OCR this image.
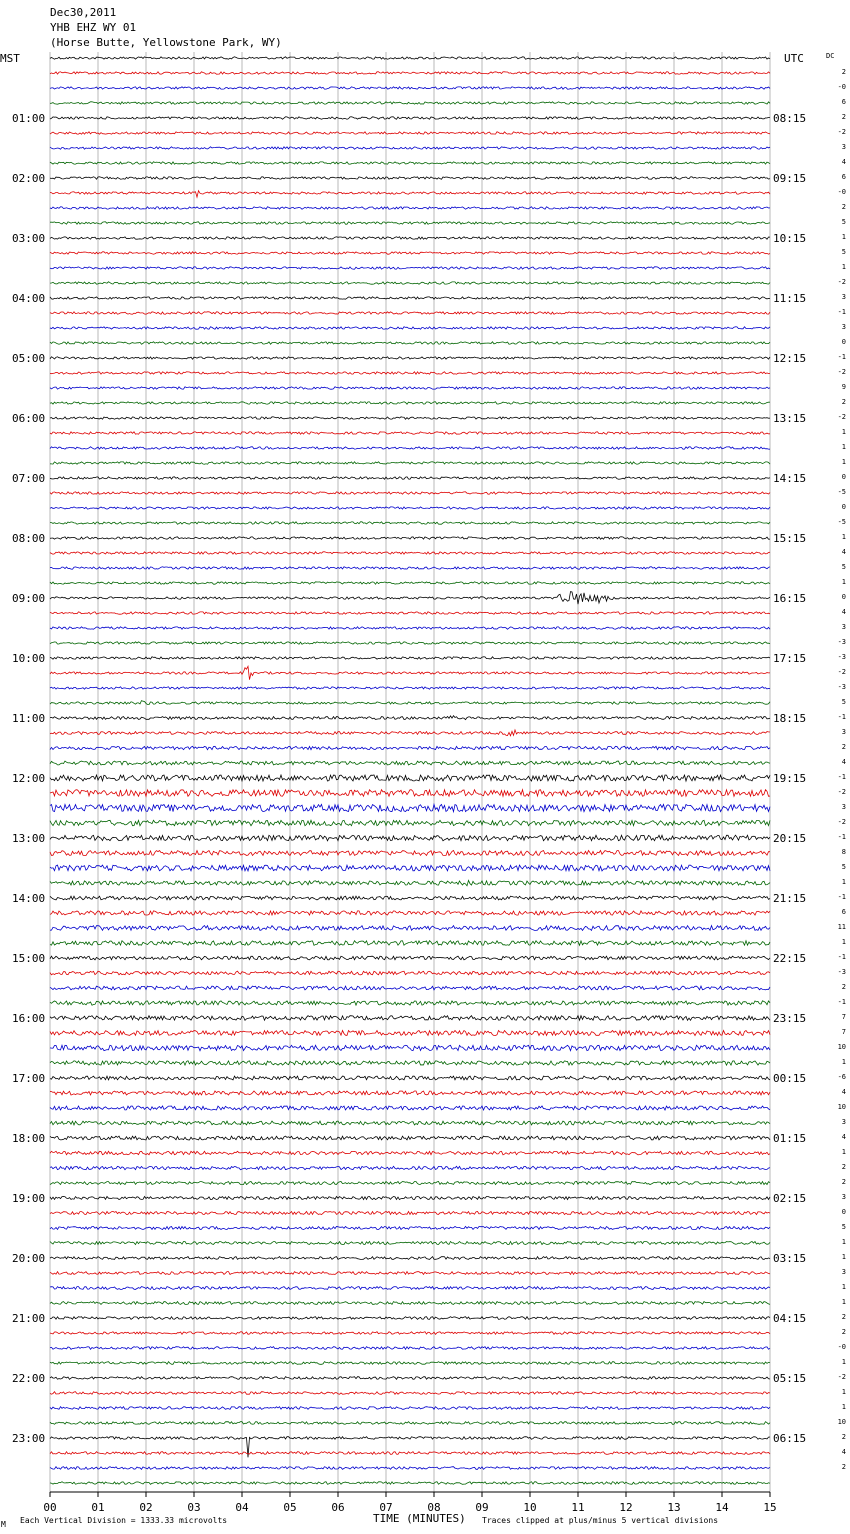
Dec30,2011
YHB EHZ WY 01
(Horse Butte, Yellowstone Park, WY)
MST	UTC	DC
01:00
02:00
03:00
04:00
05:00
06:00
07:00
08:00
09:00
10:00
11:00
12:00
13:00
14:00
15:00
16:00
17:00
18:00
19:00
20:00
21:00
22:00
23:00
08:15
09:15
10:15
11:15
12:15
13:15
14:15
15:15
16:15
17:15
18:15
19:15
20:15
21:15
22:15
23:15
00:15
01:15
02:15
03:15
04:15
05:15
06:15
2
-0
6
2
-2
3
4
6
-0
2
5
1
5
1
-2
3
-1
3
0
-1
-2
9
2
-2
1
1
1
0
-5
0
-5
1
4
5
1
0
4
3
-3
-3
-2
-3
5
-1
3
2
4
-1
-2
3
-2
-1
8
5
1
-1
6
11
1
-1
-3
2
-1
7
7
10
1
-6
4
10
3
4
1
2
2
3
0
5
1
1
3
1
1
2
2
-0
1
-2
1
1
10
2
4
2
00	01	02	03	04	05	06	07	08	09	10	11	12	13	14	15
TIME (MINUTES)
Each Vertical Division = 1333.33 microvolts	Traces clipped at plus/minus 5 vertical divisions
M
